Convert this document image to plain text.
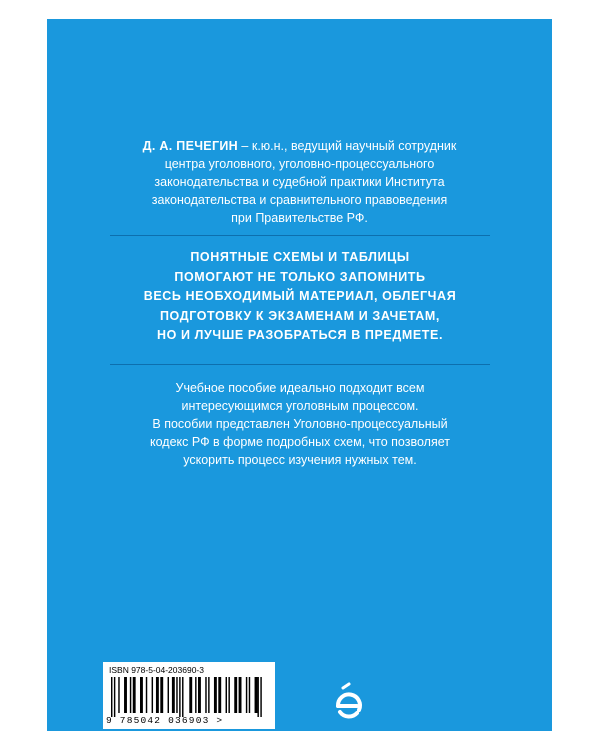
Д. А. ПЕЧЕГИН – к.ю.н., ведущий научный сотрудник
центра уголовного, уголовно-процессуального
законодательства и судебной практики Института
законодательства и сравнительного правоведения
при Правительстве РФ.
ПОНЯТНЫЕ СХЕМЫ И ТАБЛИЦЫ
ПОМОГАЮТ НЕ ТОЛЬКО ЗАПОМНИТЬ
ВЕСЬ НЕОБХОДИМЫЙ МАТЕРИАЛ, ОБЛЕГЧАЯ
ПОДГОТОВКУ К ЭКЗАМЕНАМ И ЗАЧЕТАМ,
НО И ЛУЧШЕ РАЗОБРАТЬСЯ В ПРЕДМЕТЕ.
Учебное пособие идеально подходит всем
интересующимся уголовным процессом.
В пособии представлен Уголовно-процессуальный
кодекс РФ в форме подробных схем, что позволяет
ускорить процесс изучения нужных тем.
ISBN 978-5-04-203690-3
9 785042 036903 >
